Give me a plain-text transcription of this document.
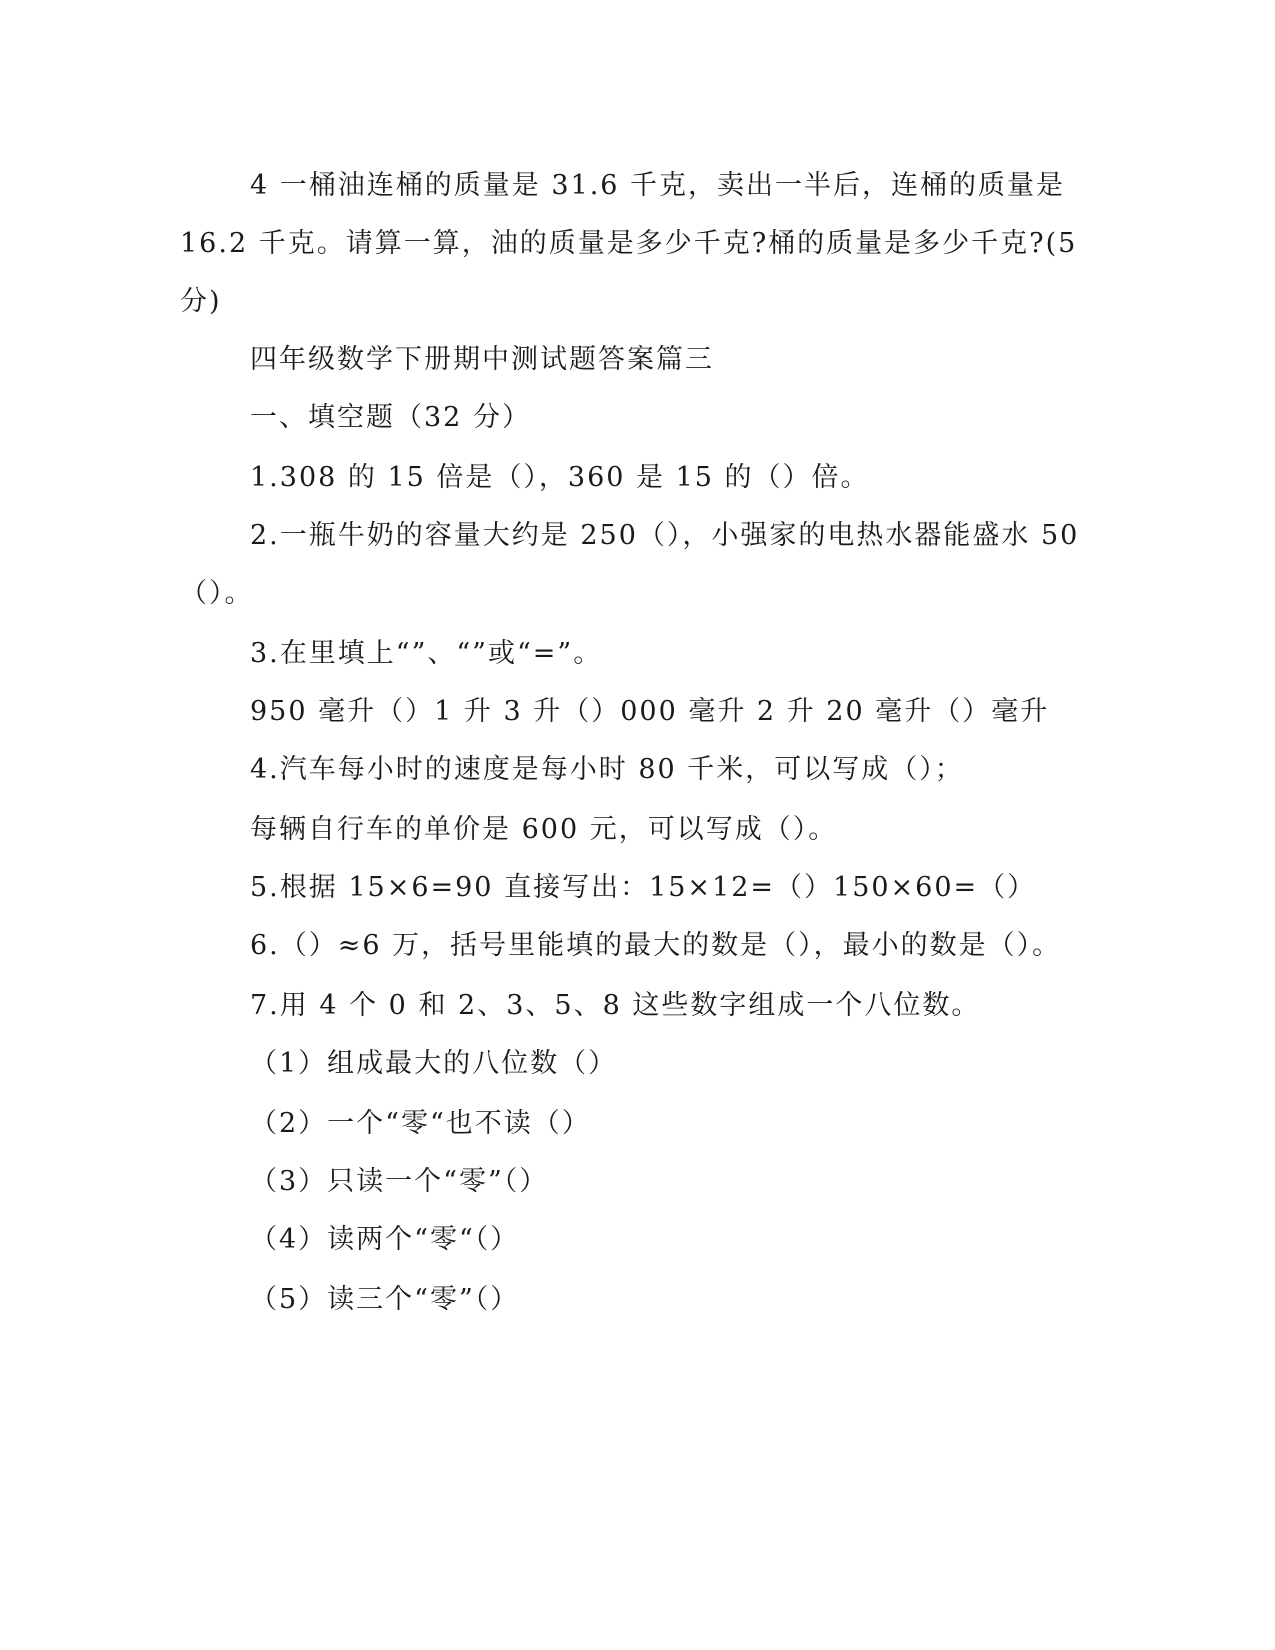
4 一桶油连桶的质量是 31.6 千克，卖出一半后，连桶的质量是
16.2 千克。请算一算，油的质量是多少千克?桶的质量是多少千克?(5
分)
四年级数学下册期中测试题答案篇三
一、填空题（32 分）
1.308 的 15 倍是（），360 是 15 的（）倍。
2.一瓶牛奶的容量大约是 250（），小强家的电热水器能盛水 50
（）。
3.在里填上“”、“”或“=”。
950 毫升（）1 升 3 升（）000 毫升 2 升 20 毫升（）毫升
4.汽车每小时的速度是每小时 80 千米，可以写成（）；
每辆自行车的单价是 600 元，可以写成（）。
5.根据 15×6=90 直接写出：15×12=（）150×60=（）
6.（）≈6 万，括号里能填的最大的数是（），最小的数是（）。
7.用 4 个 0 和 2、3、5、8 这些数字组成一个八位数。
（1）组成最大的八位数（）
（2）一个“零“也不读（）
（3）只读一个“零”（）
（4）读两个“零“（）
（5）读三个“零”（）
